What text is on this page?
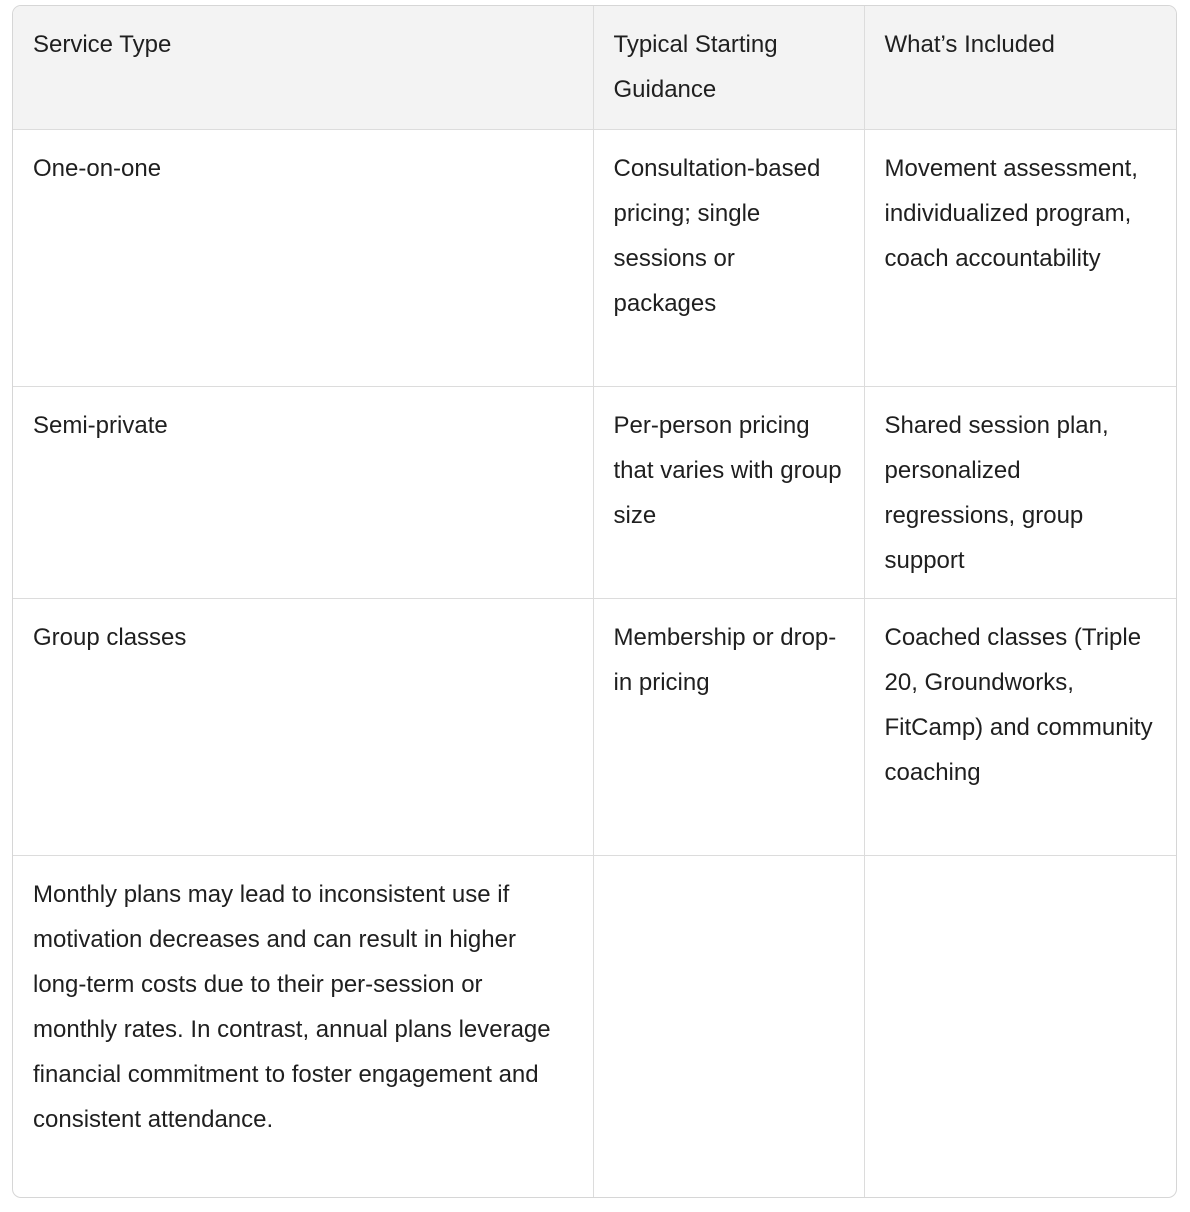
Service Type	Typical Starting Guidance	What’s Included
One-on-one	Consultation-based pricing; single sessions or packages	Movement assessment, individualized program, coach accountability
Semi-private	Per-person pricing that varies with group size	Shared session plan, personalized regressions, group support
Group classes	Membership or drop-in pricing	Coached classes (Triple 20, Groundworks, FitCamp) and community coaching
Monthly plans may lead to inconsistent use if motivation decreases and can result in higher long-term costs due to their per-session or monthly rates. In contrast, annual plans leverage financial commitment to foster engagement and consistent attendance.		
